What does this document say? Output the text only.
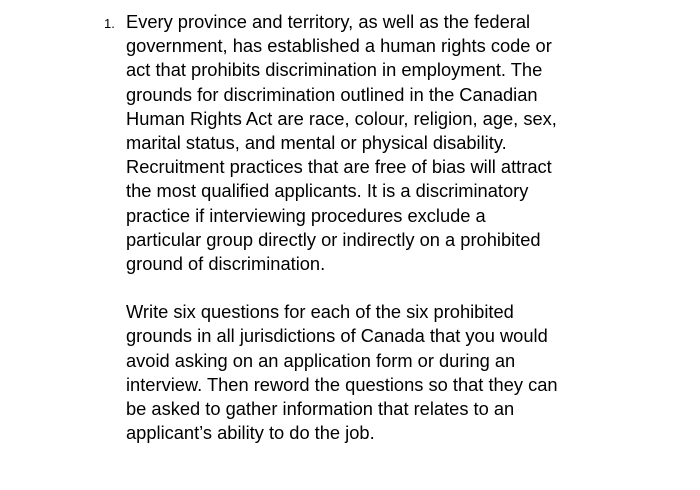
1. Every province and territory, as well as the federal
government, has established a human rights code or
act that prohibits discrimination in employment. The
grounds for discrimination outlined in the Canadian
Human Rights Act are race, colour, religion, age, sex,
marital status, and mental or physical disability.
Recruitment practices that are free of bias will attract
the most qualified applicants. It is a discriminatory
practice if interviewing procedures exclude a
particular group directly or indirectly on a prohibited
ground of discrimination.
Write six questions for each of the six prohibited
grounds in all jurisdictions of Canada that you would
avoid asking on an application form or during an
interview. Then reword the questions so that they can
be asked to gather information that relates to an
applicant’s ability to do the job.
